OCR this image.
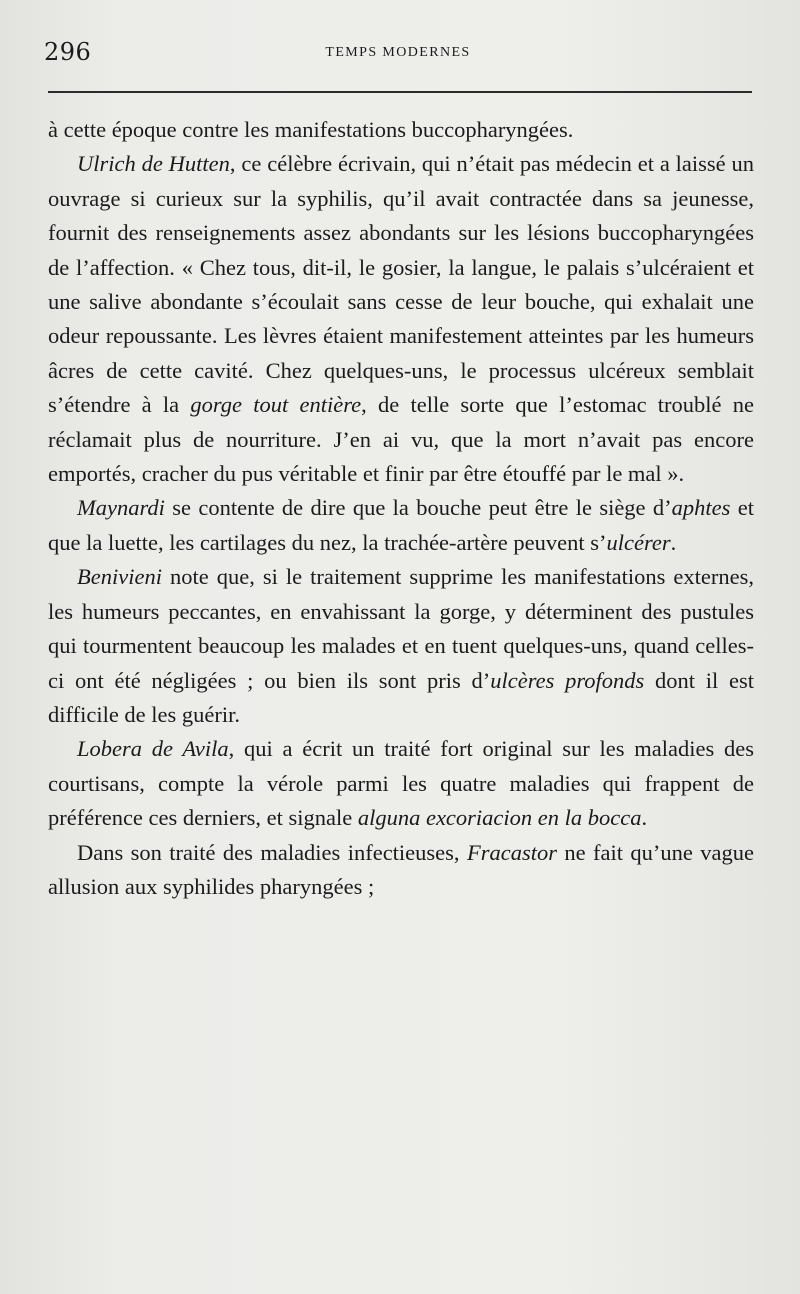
296	TEMPS MODERNES

à cette époque contre les manifestations buccopharyngées.

Ulrich de Hutten, ce célèbre écrivain, qui n’était pas médecin et a laissé un ouvrage si curieux sur la syphilis, qu’il avait contractée dans sa jeunesse, fournit des renseignements assez abondants sur les lésions buccopharyngées de l’affection. « Chez tous, dit-il, le gosier, la langue, le palais s’ulcéraient et une salive abondante s’écoulait sans cesse de leur bouche, qui exhalait une odeur repoussante. Les lèvres étaient manifestement atteintes par les humeurs âcres de cette cavité. Chez quelques-uns, le processus ulcéreux semblait s’étendre à la gorge tout entière, de telle sorte que l’estomac troublé ne réclamait plus de nourriture. J’en ai vu, que la mort n’avait pas encore emportés, cracher du pus véritable et finir par être étouffé par le mal ».

Maynardi se contente de dire que la bouche peut être le siège d’aphtes et que la luette, les cartilages du nez, la trachée-artère peuvent s’ulcérer.

Benivieni note que, si le traitement supprime les manifestations externes, les humeurs peccantes, en envahissant la gorge, y déterminent des pustules qui tourmentent beaucoup les malades et en tuent quelques-uns, quand celles-ci ont été négligées ; ou bien ils sont pris d’ulcères profonds dont il est difficile de les guérir.

Lobera de Avila, qui a écrit un traité fort original sur les maladies des courtisans, compte la vérole parmi les quatre maladies qui frappent de préférence ces derniers, et signale alguna excoriacion en la bocca.

Dans son traité des maladies infectieuses, Fracastor ne fait qu’une vague allusion aux syphilides pharyngées ;
